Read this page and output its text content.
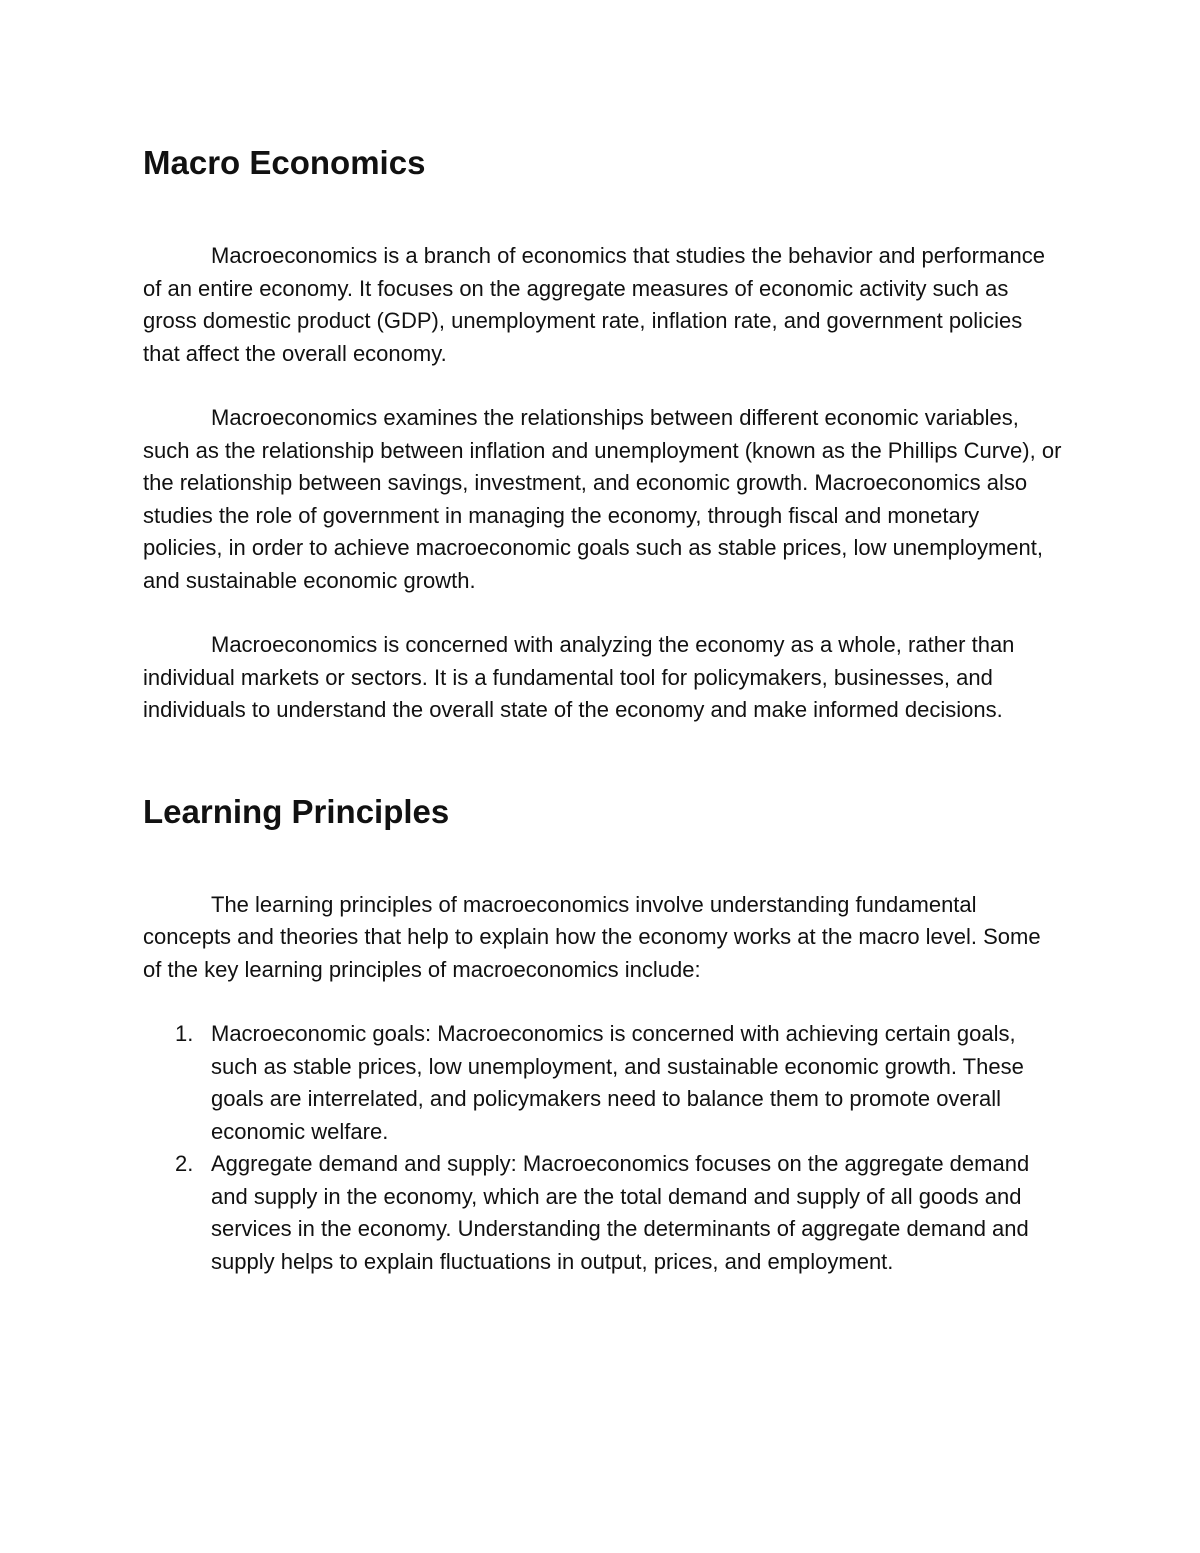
Macro Economics

Macroeconomics is a branch of economics that studies the behavior and performance of an entire economy. It focuses on the aggregate measures of economic activity such as gross domestic product (GDP), unemployment rate, inflation rate, and government policies that affect the overall economy.

Macroeconomics examines the relationships between different economic variables, such as the relationship between inflation and unemployment (known as the Phillips Curve), or the relationship between savings, investment, and economic growth. Macroeconomics also studies the role of government in managing the economy, through fiscal and monetary policies, in order to achieve macroeconomic goals such as stable prices, low unemployment, and sustainable economic growth.

Macroeconomics is concerned with analyzing the economy as a whole, rather than individual markets or sectors. It is a fundamental tool for policymakers, businesses, and individuals to understand the overall state of the economy and make informed decisions.

Learning Principles

The learning principles of macroeconomics involve understanding fundamental concepts and theories that help to explain how the economy works at the macro level. Some of the key learning principles of macroeconomics include:

1. Macroeconomic goals: Macroeconomics is concerned with achieving certain goals, such as stable prices, low unemployment, and sustainable economic growth. These goals are interrelated, and policymakers need to balance them to promote overall economic welfare.
2. Aggregate demand and supply: Macroeconomics focuses on the aggregate demand and supply in the economy, which are the total demand and supply of all goods and services in the economy. Understanding the determinants of aggregate demand and supply helps to explain fluctuations in output, prices, and employment.
